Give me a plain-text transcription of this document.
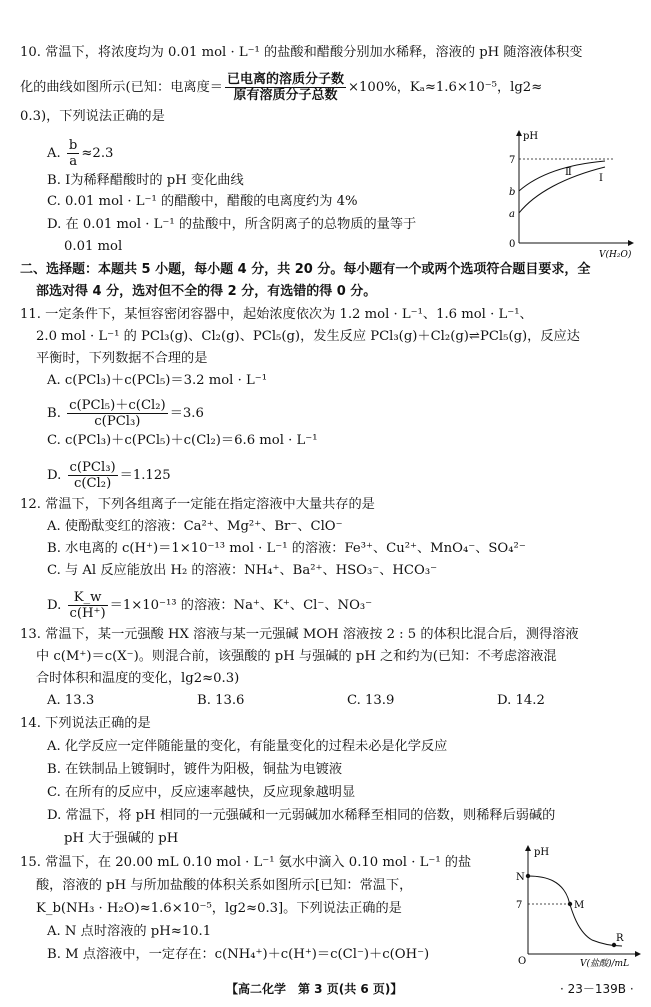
10. 常温下，将浓度均为 0.01 mol · L⁻¹ 的盐酸和醋酸分别加水稀释，溶液的 pH 随溶液体积变
化的曲线如图所示(已知：电离度＝ $\frac{\text{已电离的溶质分子数}}{\text{原有溶质分子总数}} \times 100\%$，Kₐ≈1.6×10⁻⁵，lg2≈
0.3)，下列说法正确的是
A. $\frac{b}{a} \approx 2.3$
B. Ⅰ为稀释醋酸时的 pH 变化曲线
C. 0.01 mol · L⁻¹ 的醋酸中，醋酸的电离度约为 4%
D. 在 0.01 mol · L⁻¹ 的盐酸中，所含阴离子的总物质的量等于
0.01 mol
pH
7
b
a
0
Ⅱ
Ⅰ
V(H₂O)
二、选择题：本题共 5 小题，每小题 4 分，共 20 分。每小题有一个或两个选项符合题目要求，全
部选对得 4 分，选对但不全的得 2 分，有选错的得 0 分。
11. 一定条件下，某恒容密闭容器中，起始浓度依次为 1.2 mol · L⁻¹、1.6 mol · L⁻¹、
2.0 mol · L⁻¹ 的 PCl₃(g)、Cl₂(g)、PCl₅(g)，发生反应 PCl₃(g)＋Cl₂(g)⇌PCl₅(g)，反应达
平衡时，下列数据不合理的是
A. c(PCl₃)＋c(PCl₅)＝3.2 mol · L⁻¹
B. $\frac{\text{c(PCl₅)＋c(Cl₂)}}{\text{c(PCl₃)}} =3.6$
C. c(PCl₃)＋c(PCl₅)＋c(Cl₂)＝6.6 mol · L⁻¹
D. $\frac{\text{c(PCl₃)}}{\text{c(Cl₂)}} =1.125$
12. 常温下，下列各组离子一定能在指定溶液中大量共存的是
A. 使酚酞变红的溶液：Ca²⁺、Mg²⁺、Br⁻、ClO⁻
B. 水电离的 c(H⁺)＝1×10⁻¹³ mol · L⁻¹ 的溶液：Fe³⁺、Cu²⁺、MnO₄⁻、SO₄²⁻
C. 与 Al 反应能放出 H₂ 的溶液：NH₄⁺、Ba²⁺、HSO₃⁻、HCO₃⁻
D. $\frac{K\_w}{c(H^+)} =1\times 10^{-13}$ 的溶液：Na⁺、K⁺、Cl⁻、NO₃⁻
13. 常温下，某一元强酸 HX 溶液与某一元强碱 MOH 溶液按 2 : 5 的体积比混合后，测得溶液
中 c(M⁺)＝c(X⁻)。则混合前，该强酸的 pH 与强碱的 pH 之和约为(已知：不考虑溶液混
合时体积和温度的变化，lg2≈0.3)
A. 13.3	B. 13.6	C. 13.9	D. 14.2
14. 下列说法正确的是
A. 化学反应一定伴随能量的变化，有能量变化的过程未必是化学反应
B. 在铁制品上镀铜时，镀件为阳极，铜盐为电镀液
C. 在所有的反应中，反应速率越快，反应现象越明显
D. 常温下，将 pH 相同的一元强碱和一元弱碱加水稀释至相同的倍数，则稀释后弱碱的
pH 大于强碱的 pH
15. 常温下，在 20.00 mL 0.10 mol · L⁻¹ 氨水中滴入 0.10 mol · L⁻¹ 的盐
酸，溶液的 pH 与所加盐酸的体积关系如图所示[已知：常温下，
K_b(NH₃ · H₂O)≈1.6×10⁻⁵，lg2≈0.3]。下列说法正确的是
A. N 点时溶液的 pH≈10.1
B. M 点溶液中，一定存在：c(NH₄⁺)＋c(H⁺)＝c(Cl⁻)＋c(OH⁻)
pH
N
7	M
R
O	V(盐酸)/mL
【高二化学　第 3 页(共 6 页)】	· 23－139B ·
